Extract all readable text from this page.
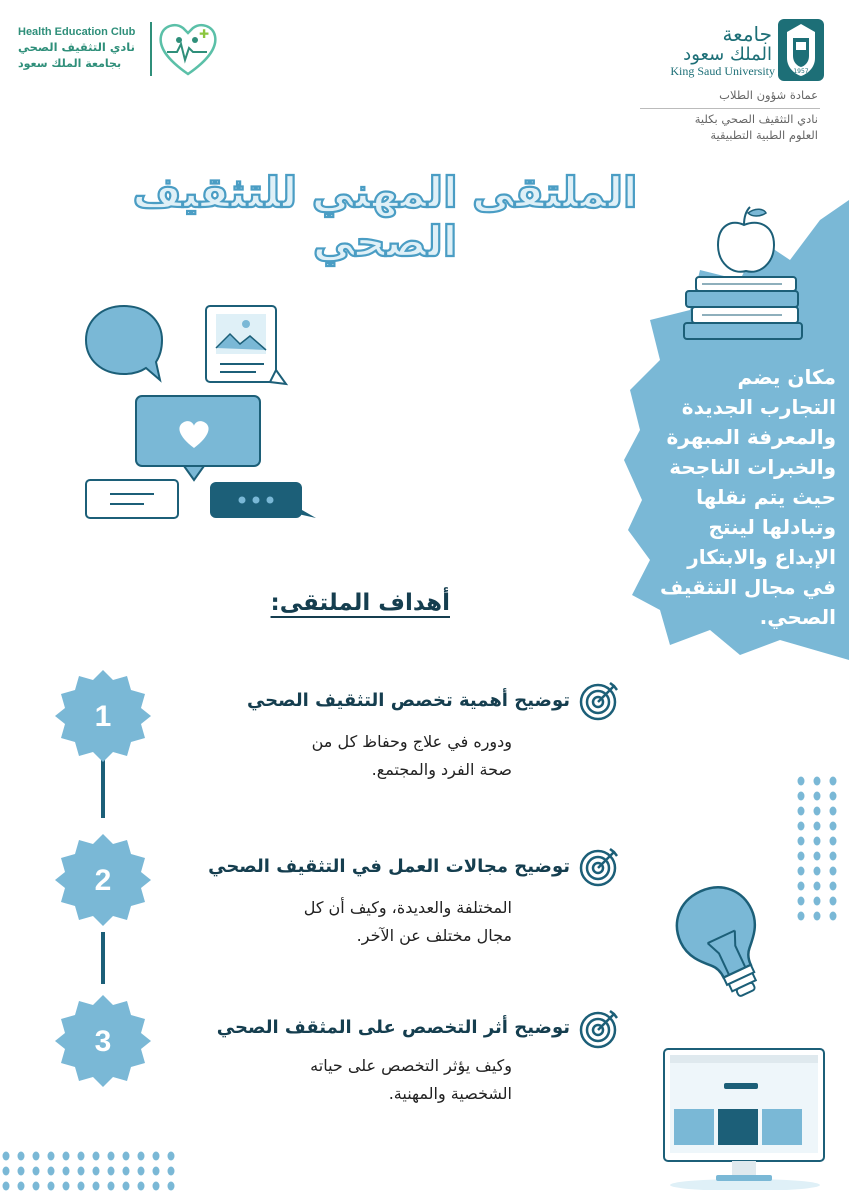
Health Education Club
نادي التثقيف الصحي
بجامعة الملك سعود
✚
1957
جامعة
الملك سعود
King Saud University
عمادة شؤون الطلاب
نادي التثقيف الصحي بكلية
العلوم الطبية التطبيقية
الملتقى المهني للتثقيف الصحي
مكان يضم
التجارب الجديدة
والمعرفة المبهرة
والخبرات الناجحة
حيث يتم نقلها
وتبادلها لينتج
الإبداع والابتكار
في مجال التثقيف
الصحي.
أهداف الملتقى:
1
2
3
توضيح أهمية تخصص التثقيف الصحي
ودوره في علاج وحفاظ كل من
صحة الفرد والمجتمع.
توضيح مجالات العمل في التثقيف الصحي
المختلفة والعديدة، وكيف أن كل
مجال مختلف عن الآخر.
توضيح أثر التخصص على المثقف الصحي
وكيف يؤثر التخصص على حياته
الشخصية والمهنية.
